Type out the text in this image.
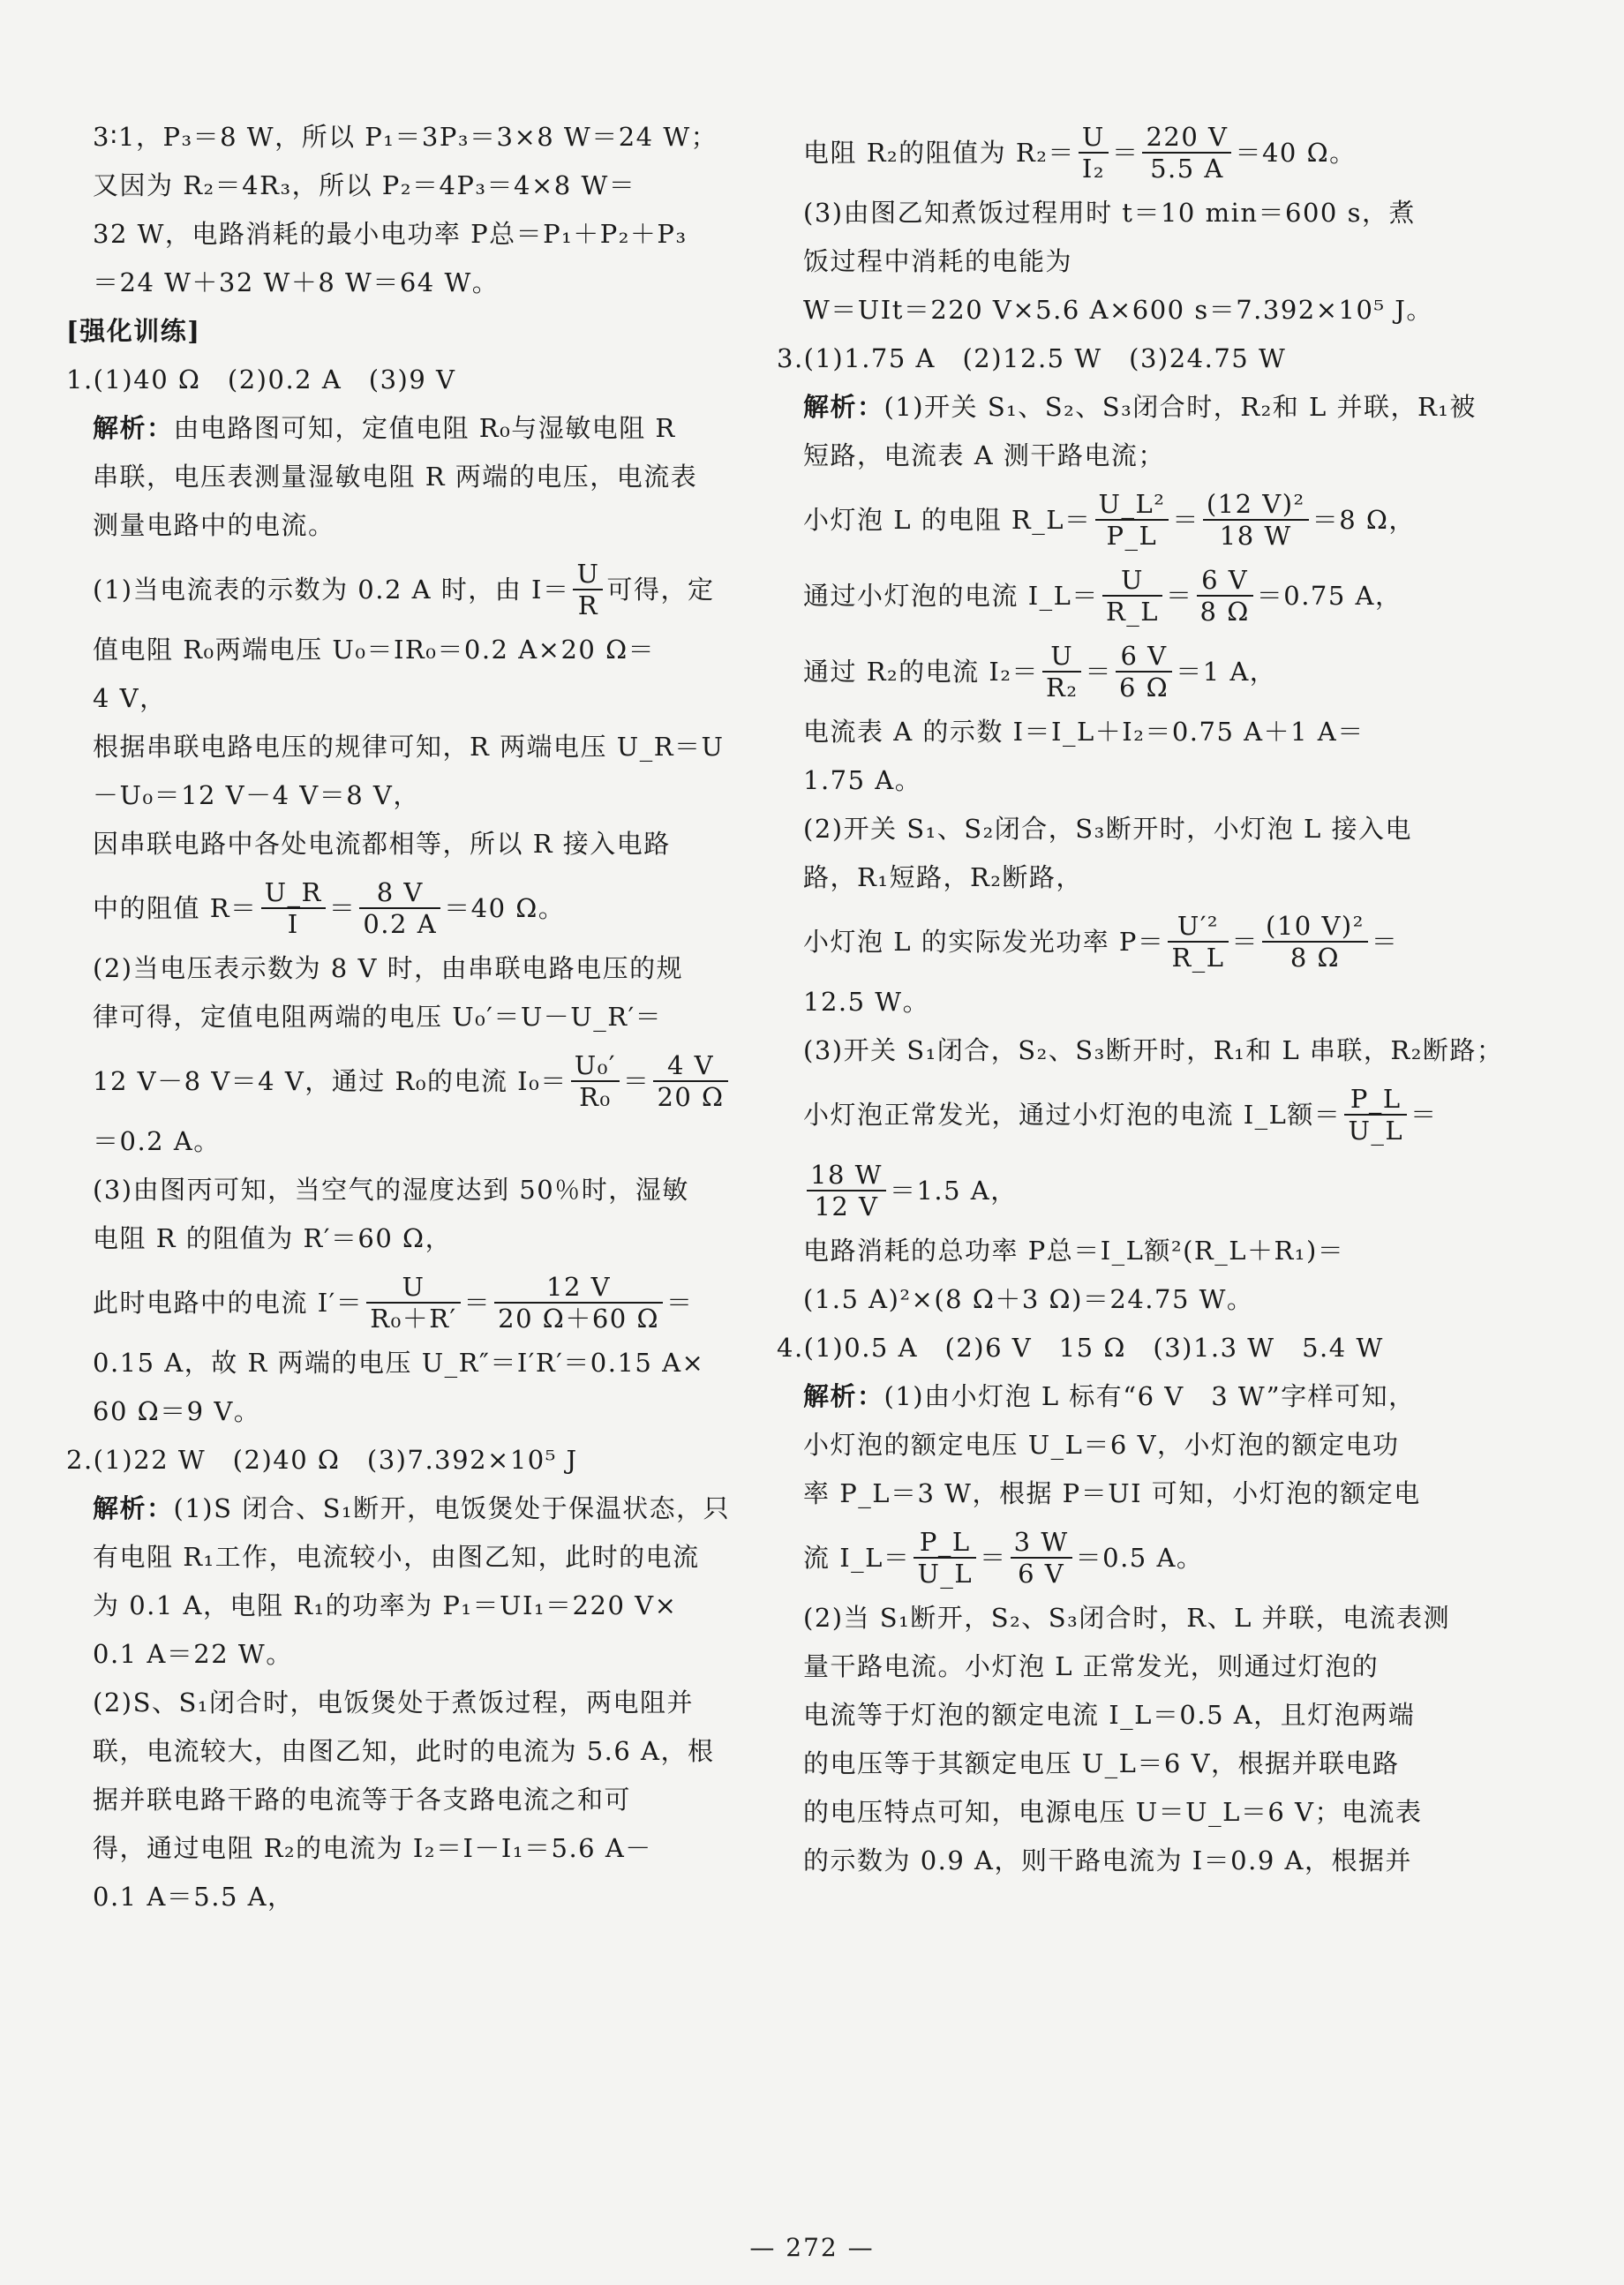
3∶1，P₃＝8 W，所以 P₁＝3P₃＝3×8 W＝24 W；
又因为 R₂＝4R₃，所以 P₂＝4P₃＝4×8 W＝
32 W，电路消耗的最小电功率 P总＝P₁＋P₂＋P₃
＝24 W＋32 W＋8 W＝64 W。
[强化训练]
1.(1)40 Ω　(2)0.2 A　(3)9 V
解析：由电路图可知，定值电阻 R₀与湿敏电阻 R
串联，电压表测量湿敏电阻 R 两端的电压，电流表
测量电路中的电流。
(1)当电流表的示数为 0.2 A 时，由 $I= \frac{U}{R}$ 可得，定
值电阻 R₀两端电压 U₀＝IR₀＝0.2 A×20 Ω＝
4 V，
根据串联电路电压的规律可知，R 两端电压 U_R＝U
－U₀＝12 V－4 V＝8 V，
因串联电路中各处电流都相等，所以 R 接入电路
中的阻值 $R= \frac{U\_R}{I} = \frac{8 V}{0.2 A} =40$ Ω。
(2)当电压表示数为 8 V 时，由串联电路电压的规
律可得，定值电阻两端的电压 U₀′＝U－U_R′＝
12 V－8 V＝4 V，通过 R₀的电流 $I_0= \frac{\text{U₀′}}{\text{R₀}} = \frac{4 V}{20 \Omega}$
＝0.2 A。
(3)由图丙可知，当空气的湿度达到 50％时，湿敏
电阻 R 的阻值为 R′＝60 Ω，
此时电路中的电流 $I'= \frac{U}{\text{R₀＋R′}} = \frac{12 V}{20 \Omega+60 \Omega}$ ＝
0.15 A，故 R 两端的电压 U_R″＝I′R′＝0.15 A×
60 Ω＝9 V。
2.(1)22 W　(2)40 Ω　(3)7.392×10⁵ J
解析：(1)S 闭合、S₁断开，电饭煲处于保温状态，只
有电阻 R₁工作，电流较小，由图乙知，此时的电流
为 0.1 A，电阻 R₁的功率为 P₁＝UI₁＝220 V×
0.1 A＝22 W。
(2)S、S₁闭合时，电饭煲处于煮饭过程，两电阻并
联，电流较大，由图乙知，此时的电流为 5.6 A，根
据并联电路干路的电流等于各支路电流之和可
得，通过电阻 R₂的电流为 I₂＝I－I₁＝5.6 A－
0.1 A＝5.5 A，
电阻 R₂的阻值为 $R_2= \frac{U}{\text{I₂}} = \frac{220 V}{5.5 A} =40$ Ω。
(3)由图乙知煮饭过程用时 t＝10 min＝600 s，煮
饭过程中消耗的电能为
W＝UIt＝220 V×5.6 A×600 s＝7.392×10⁵ J。
3.(1)1.75 A　(2)12.5 W　(3)24.75 W
解析：(1)开关 S₁、S₂、S₃闭合时，R₂和 L 并联，R₁被
短路，电流表 A 测干路电流；
小灯泡 L 的电阻 R_L＝ $\frac{\text{U\_L²}}{P\_L} = \frac{\text{(12 V)²}}{18 W} =8$ Ω，
通过小灯泡的电流 I_L＝ $\frac{U}{R\_L} = \frac{6 V}{8 \Omega} =0.75$ A，
通过 R₂的电流 $I_2= \frac{U}{\text{R₂}} = \frac{6 V}{6 \Omega} =1$ A，
电流表 A 的示数 I＝I_L＋I₂＝0.75 A＋1 A＝
1.75 A。
(2)开关 S₁、S₂闭合，S₃断开时，小灯泡 L 接入电
路，R₁短路，R₂断路，
小灯泡 L 的实际发光功率 $P= \frac{\text{U′²}}{R\_L} = \frac{\text{(10 V)²}}{8 \Omega}$ ＝
12.5 W。
(3)开关 S₁闭合，S₂、S₃断开时，R₁和 L 串联，R₂断路；
小灯泡正常发光，通过小灯泡的电流 I_L额＝ $\frac{P\_L}{U\_L}$ ＝
$\frac{18 W}{12 V} =1.5$ A，
电路消耗的总功率 P总＝I_L额²(R_L＋R₁)＝
(1.5 A)²×(8 Ω＋3 Ω)＝24.75 W。
4.(1)0.5 A　(2)6 V　15 Ω　(3)1.3 W　5.4 W
解析：(1)由小灯泡 L 标有“6 V　3 W”字样可知，
小灯泡的额定电压 U_L＝6 V，小灯泡的额定电功
率 P_L＝3 W，根据 P＝UI 可知，小灯泡的额定电
流 I_L＝ $\frac{P\_L}{U\_L} = \frac{3 W}{6 V} =0.5$ A。
(2)当 S₁断开，S₂、S₃闭合时，R、L 并联，电流表测
量干路电流。小灯泡 L 正常发光，则通过灯泡的
电流等于灯泡的额定电流 I_L＝0.5 A，且灯泡两端
的电压等于其额定电压 U_L＝6 V，根据并联电路
的电压特点可知，电源电压 U＝U_L＝6 V；电流表
的示数为 0.9 A，则干路电流为 I＝0.9 A，根据并
— 272 —
